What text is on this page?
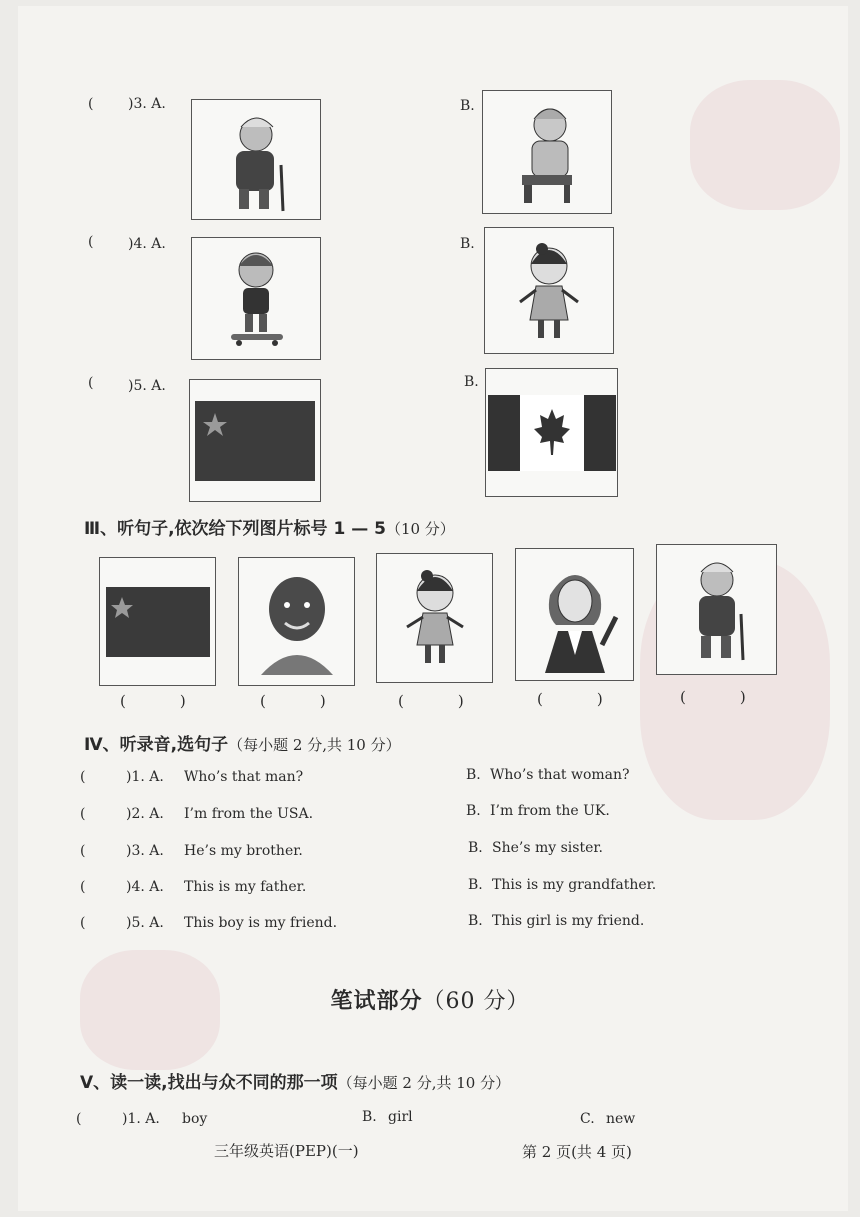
( )3. A.	B.
( )4. A.	B.
( )5. A.	B.
Ⅲ、听句子,依次给下列图片标号 1 — 5（10 分）
(	)	(	)	(	)	(	)	(	)
Ⅳ、听录音,选句子（每小题 2 分,共 10 分）
(	)1. A. Who’s that man?	B. Who’s that woman?
(	)2. A. I’m from the USA.	B. I’m from the UK.
(	)3. A. He’s my brother.	B. She’s my sister.
(	)4. A. This is my father.	B. This is my grandfather.
(	)5. A. This boy is my friend.	B. This girl is my friend.
笔试部分（60 分）
Ⅴ、读一读,找出与众不同的那一项（每小题 2 分,共 10 分）
(	)1. A. boy	B. girl	C. new
三年级英语(PEP)(一)	第 2 页(共 4 页)
